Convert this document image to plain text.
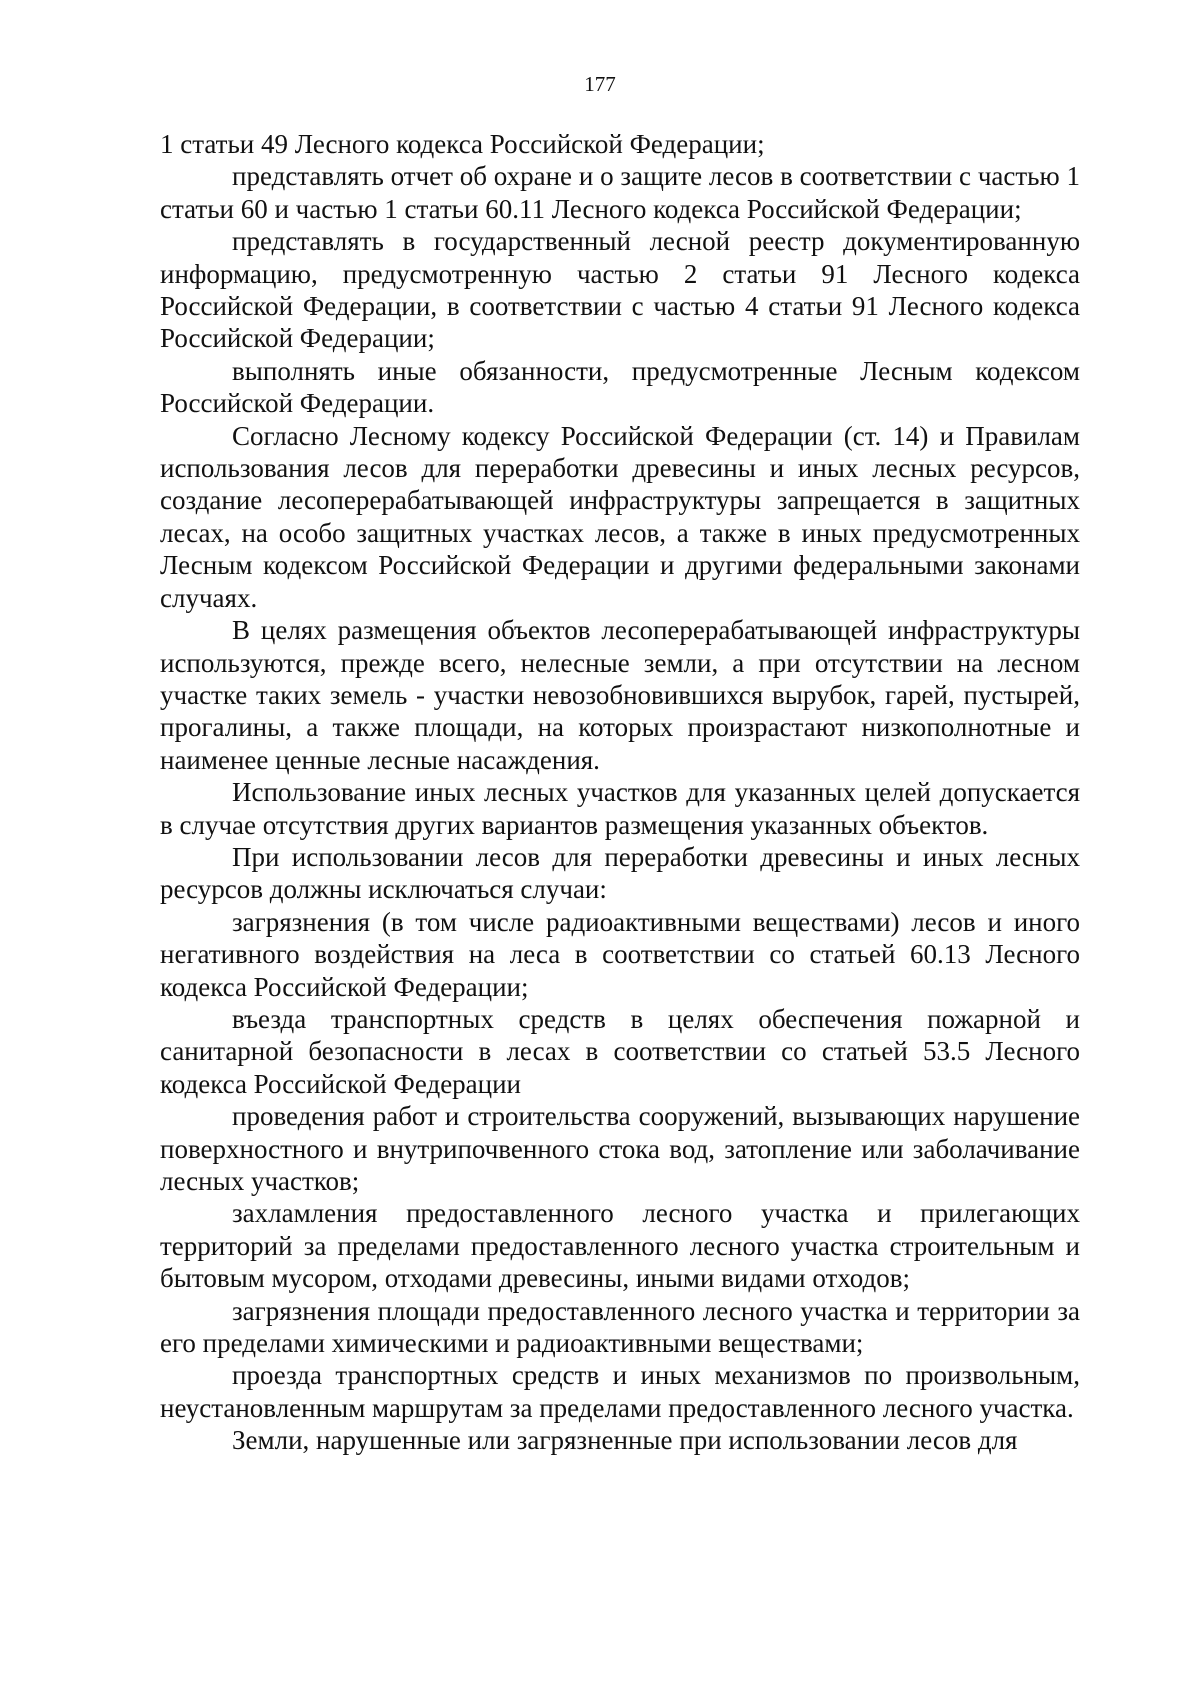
177

1 статьи 49 Лесного кодекса Российской Федерации;

представлять отчет об охране и о защите лесов в соответствии с частью 1 статьи 60 и частью 1 статьи 60.11 Лесного кодекса Российской Федерации;

представлять в государственный лесной реестр документированную информацию, предусмотренную частью 2 статьи 91 Лесного кодекса Российской Федерации, в соответствии с частью 4 статьи 91 Лесного кодекса Российской Федерации;

выполнять иные обязанности, предусмотренные Лесным кодексом Российской Федерации.

Согласно Лесному кодексу Российской Федерации (ст. 14) и Правилам использования лесов для переработки древесины и иных лесных ресурсов, создание лесоперерабатывающей инфраструктуры запрещается в защитных лесах, на особо защитных участках лесов, а также в иных предусмотренных Лесным кодексом Российской Федерации и другими федеральными законами случаях.

В целях размещения объектов лесоперерабатывающей инфраструктуры используются, прежде всего, нелесные земли, а при отсутствии на лесном участке таких земель - участки невозобновившихся вырубок, гарей, пустырей, прогалины, а также площади, на которых произрастают низкополнотные и наименее ценные лесные насаждения.

Использование иных лесных участков для указанных целей допускается в случае отсутствия других вариантов размещения указанных объектов.

При использовании лесов для переработки древесины и иных лесных ресурсов должны исключаться случаи:

загрязнения (в том числе радиоактивными веществами) лесов и иного негативного воздействия на леса в соответствии со статьей 60.13 Лесного кодекса Российской Федерации;

въезда транспортных средств в целях обеспечения пожарной и санитарной безопасности в лесах в соответствии со статьей 53.5 Лесного кодекса Российской Федерации

проведения работ и строительства сооружений, вызывающих нарушение поверхностного и внутрипочвенного стока вод, затопление или заболачивание лесных участков;

захламления предоставленного лесного участка и прилегающих территорий за пределами предоставленного лесного участка строительным и бытовым мусором, отходами древесины, иными видами отходов;

загрязнения площади предоставленного лесного участка и территории за его пределами химическими и радиоактивными веществами;

проезда транспортных средств и иных механизмов по произвольным, неустановленным маршрутам за пределами предоставленного лесного участка.

Земли, нарушенные или загрязненные при использовании лесов для
